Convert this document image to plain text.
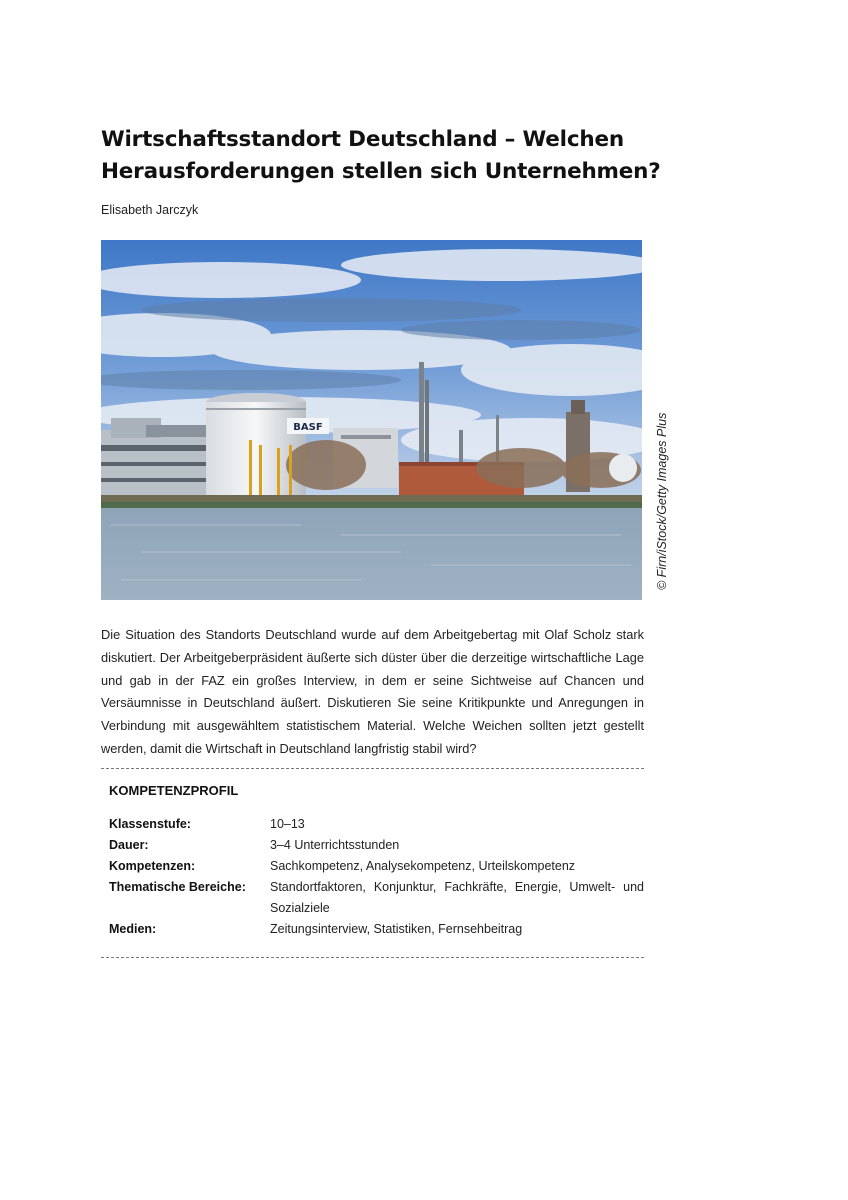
Wirtschaftsstandort Deutschland – Welchen
Herausforderungen stellen sich Unternehmen?
Elisabeth Jarczyk
BASF	© Firn/iStock/Getty Images Plus

Die Situation des Standorts Deutschland wurde auf dem Arbeitgebertag mit Olaf Scholz stark diskutiert. Der Arbeitgeberpräsident äußerte sich düster über die derzeitige wirtschaftliche Lage und gab in der FAZ ein großes Interview, in dem er seine Sichtweise auf Chancen und Versäumnisse in Deutschland äußert. Diskutieren Sie seine Kritikpunkte und Anregungen in Verbindung mit ausgewähltem statistischem Material. Welche Weichen sollten jetzt gestellt werden, damit die Wirtschaft in Deutschland langfristig stabil wird?

KOMPETENZPROFIL
Klassenstufe:	10–13
Dauer:	3–4 Unterrichtsstunden
Kompetenzen:	Sachkompetenz, Analysekompetenz, Urteilskompetenz
Thematische Bereiche:	Standortfaktoren, Konjunktur, Fachkräfte, Energie, Umwelt- und Sozialziele
Medien:	Zeitungsinterview, Statistiken, Fernsehbeitrag
